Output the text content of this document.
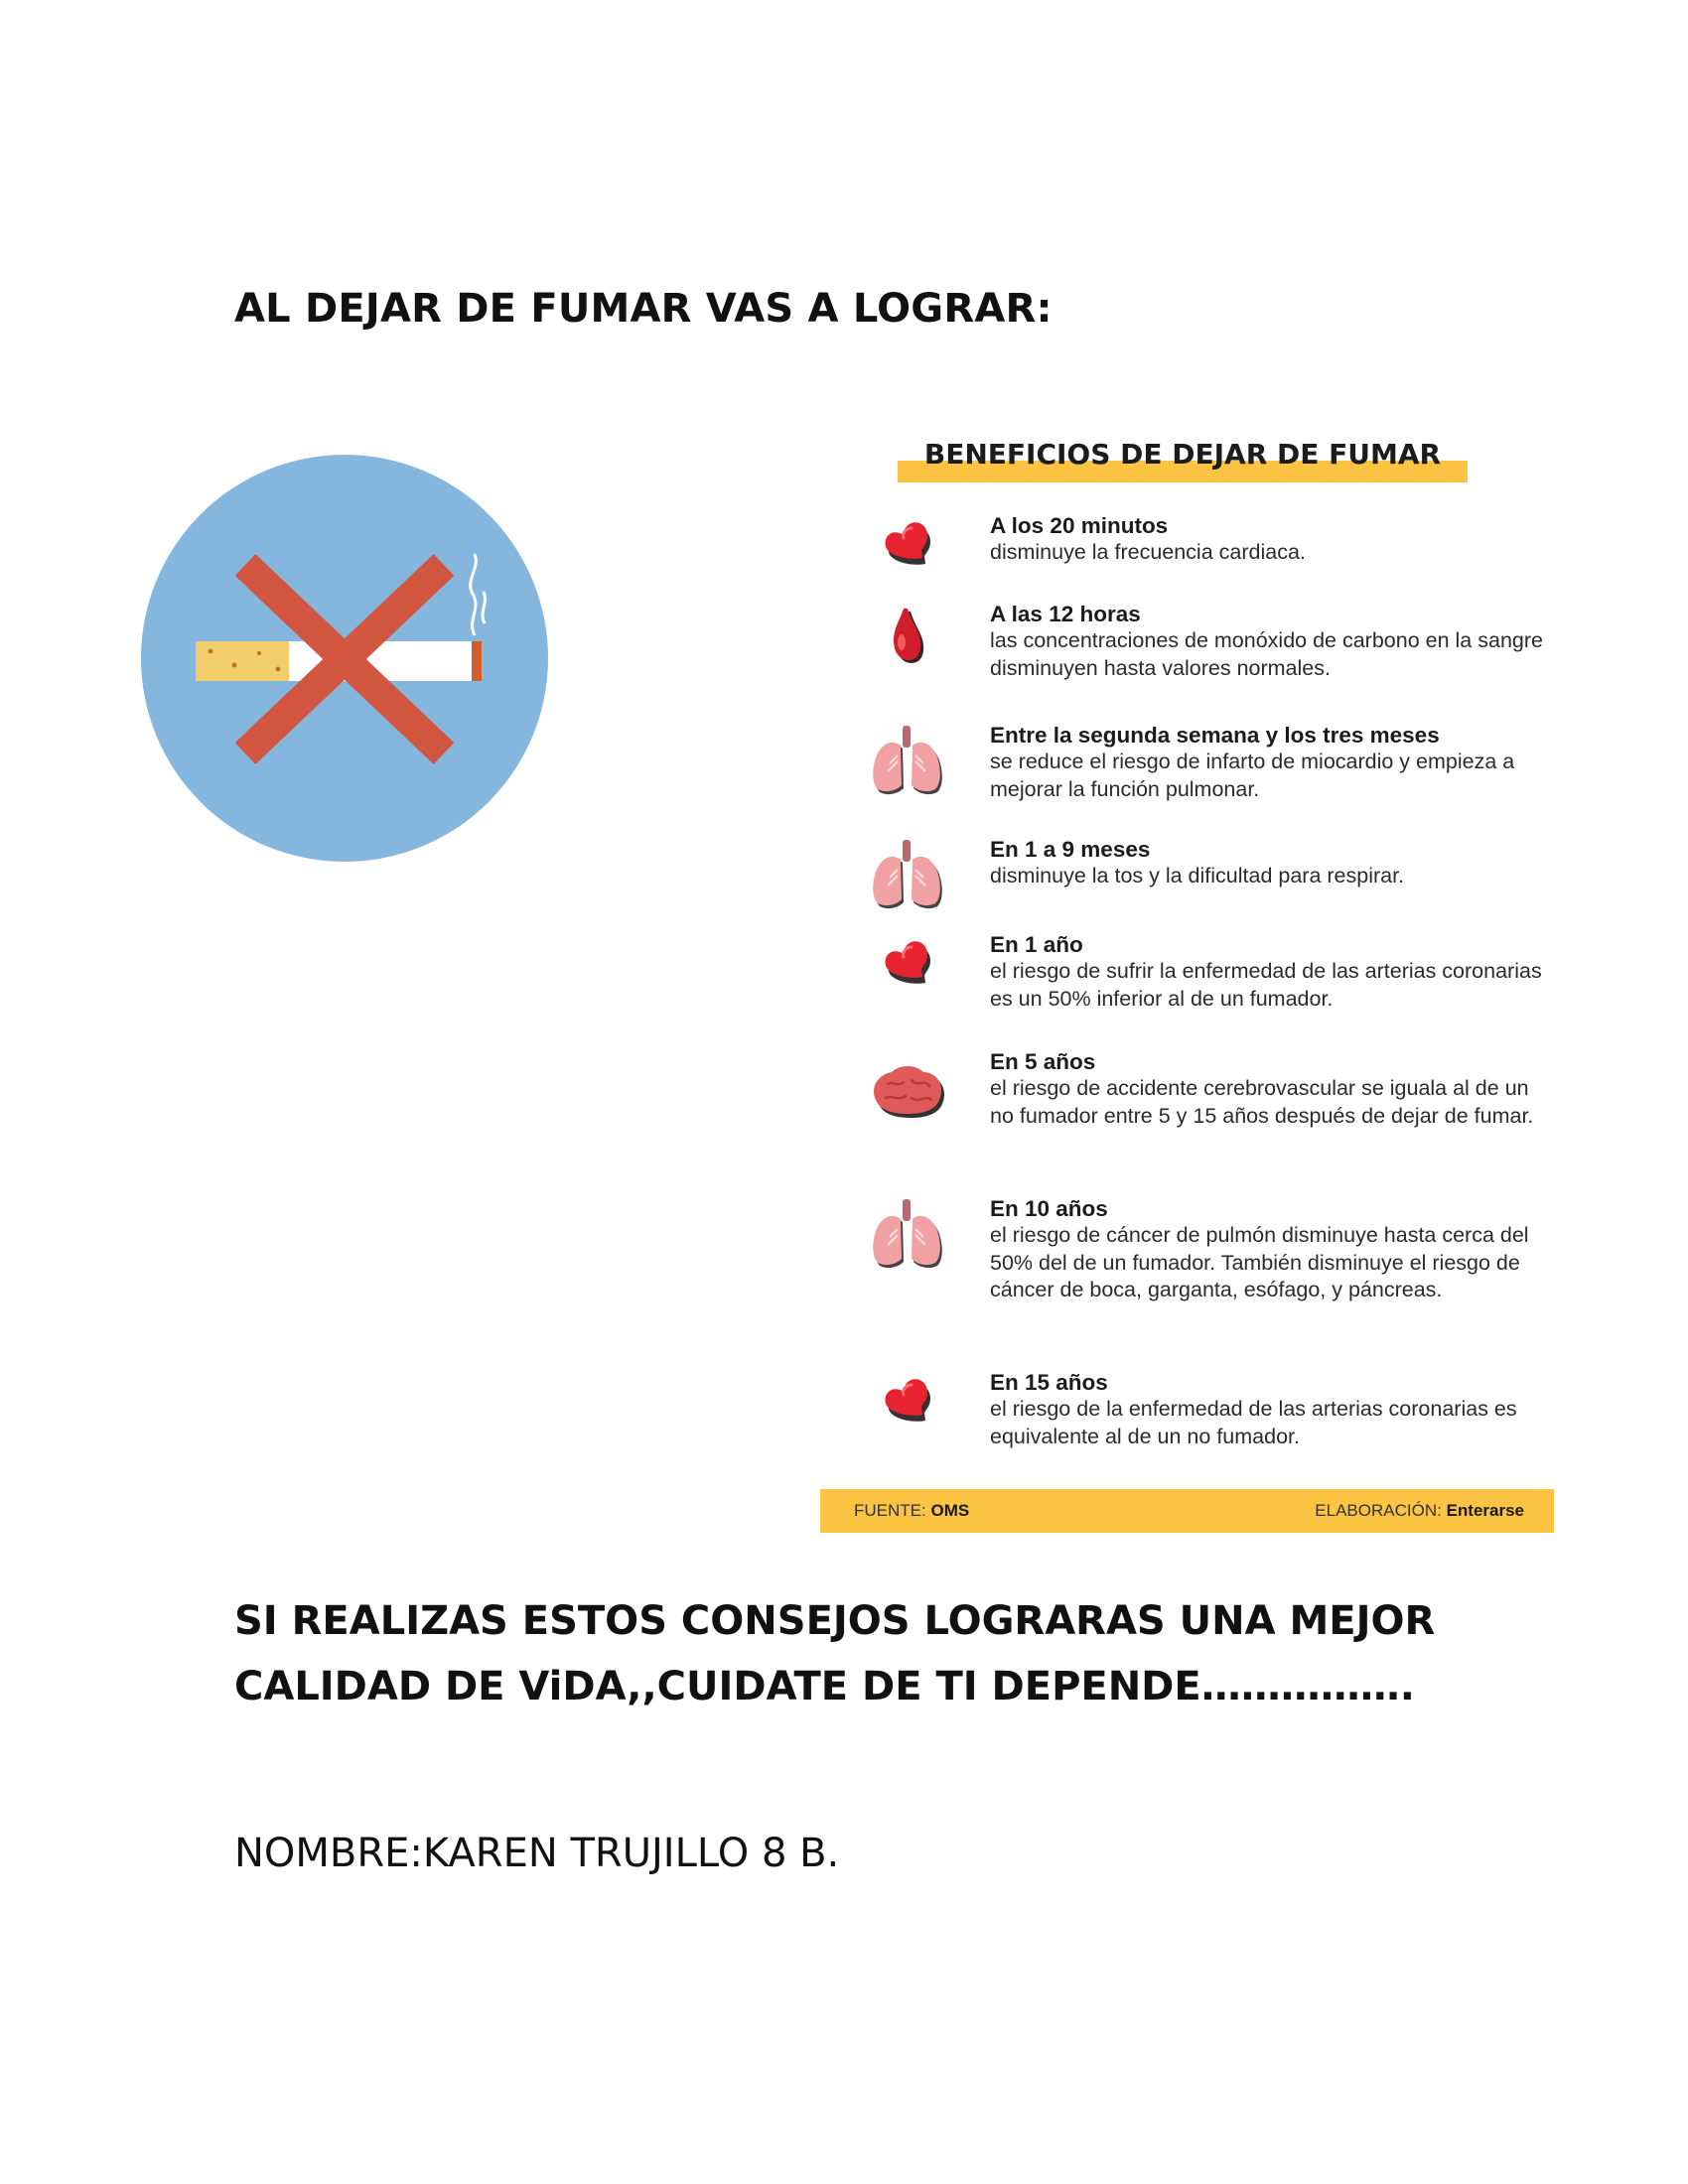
AL DEJAR DE FUMAR VAS A LOGRAR:
BENEFICIOS DE DEJAR DE FUMAR
A los 20 minutos
disminuye la frecuencia cardiaca.
A las 12 horas
las concentraciones de monóxido de carbono en la sangre disminuyen hasta valores normales.
Entre la segunda semana y los tres meses
se reduce el riesgo de infarto de miocardio y empieza a mejorar la función pulmonar.
En 1 a 9 meses
disminuye la tos y la dificultad para respirar.
En 1 año
el riesgo de sufrir la enfermedad de las arterias coronarias es un 50% inferior al de un fumador.
En 5 años
el riesgo de accidente cerebrovascular se iguala al de un no fumador entre 5 y 15 años después de dejar de fumar.
En 10 años
el riesgo de cáncer de pulmón disminuye hasta cerca del 50% del de un fumador. También disminuye el riesgo de cáncer de boca, garganta, esófago, y páncreas.
En 15 años
el riesgo de la enfermedad de las arterias coronarias es equivalente al de un no fumador.
FUENTE: OMS	ELABORACIÓN: Enterarse

SI REALIZAS ESTOS CONSEJOS LOGRARAS UNA MEJOR
CALIDAD DE ViDA,,CUIDATE DE TI DEPENDE…………….

NOMBRE:KAREN TRUJILLO 8 B.
